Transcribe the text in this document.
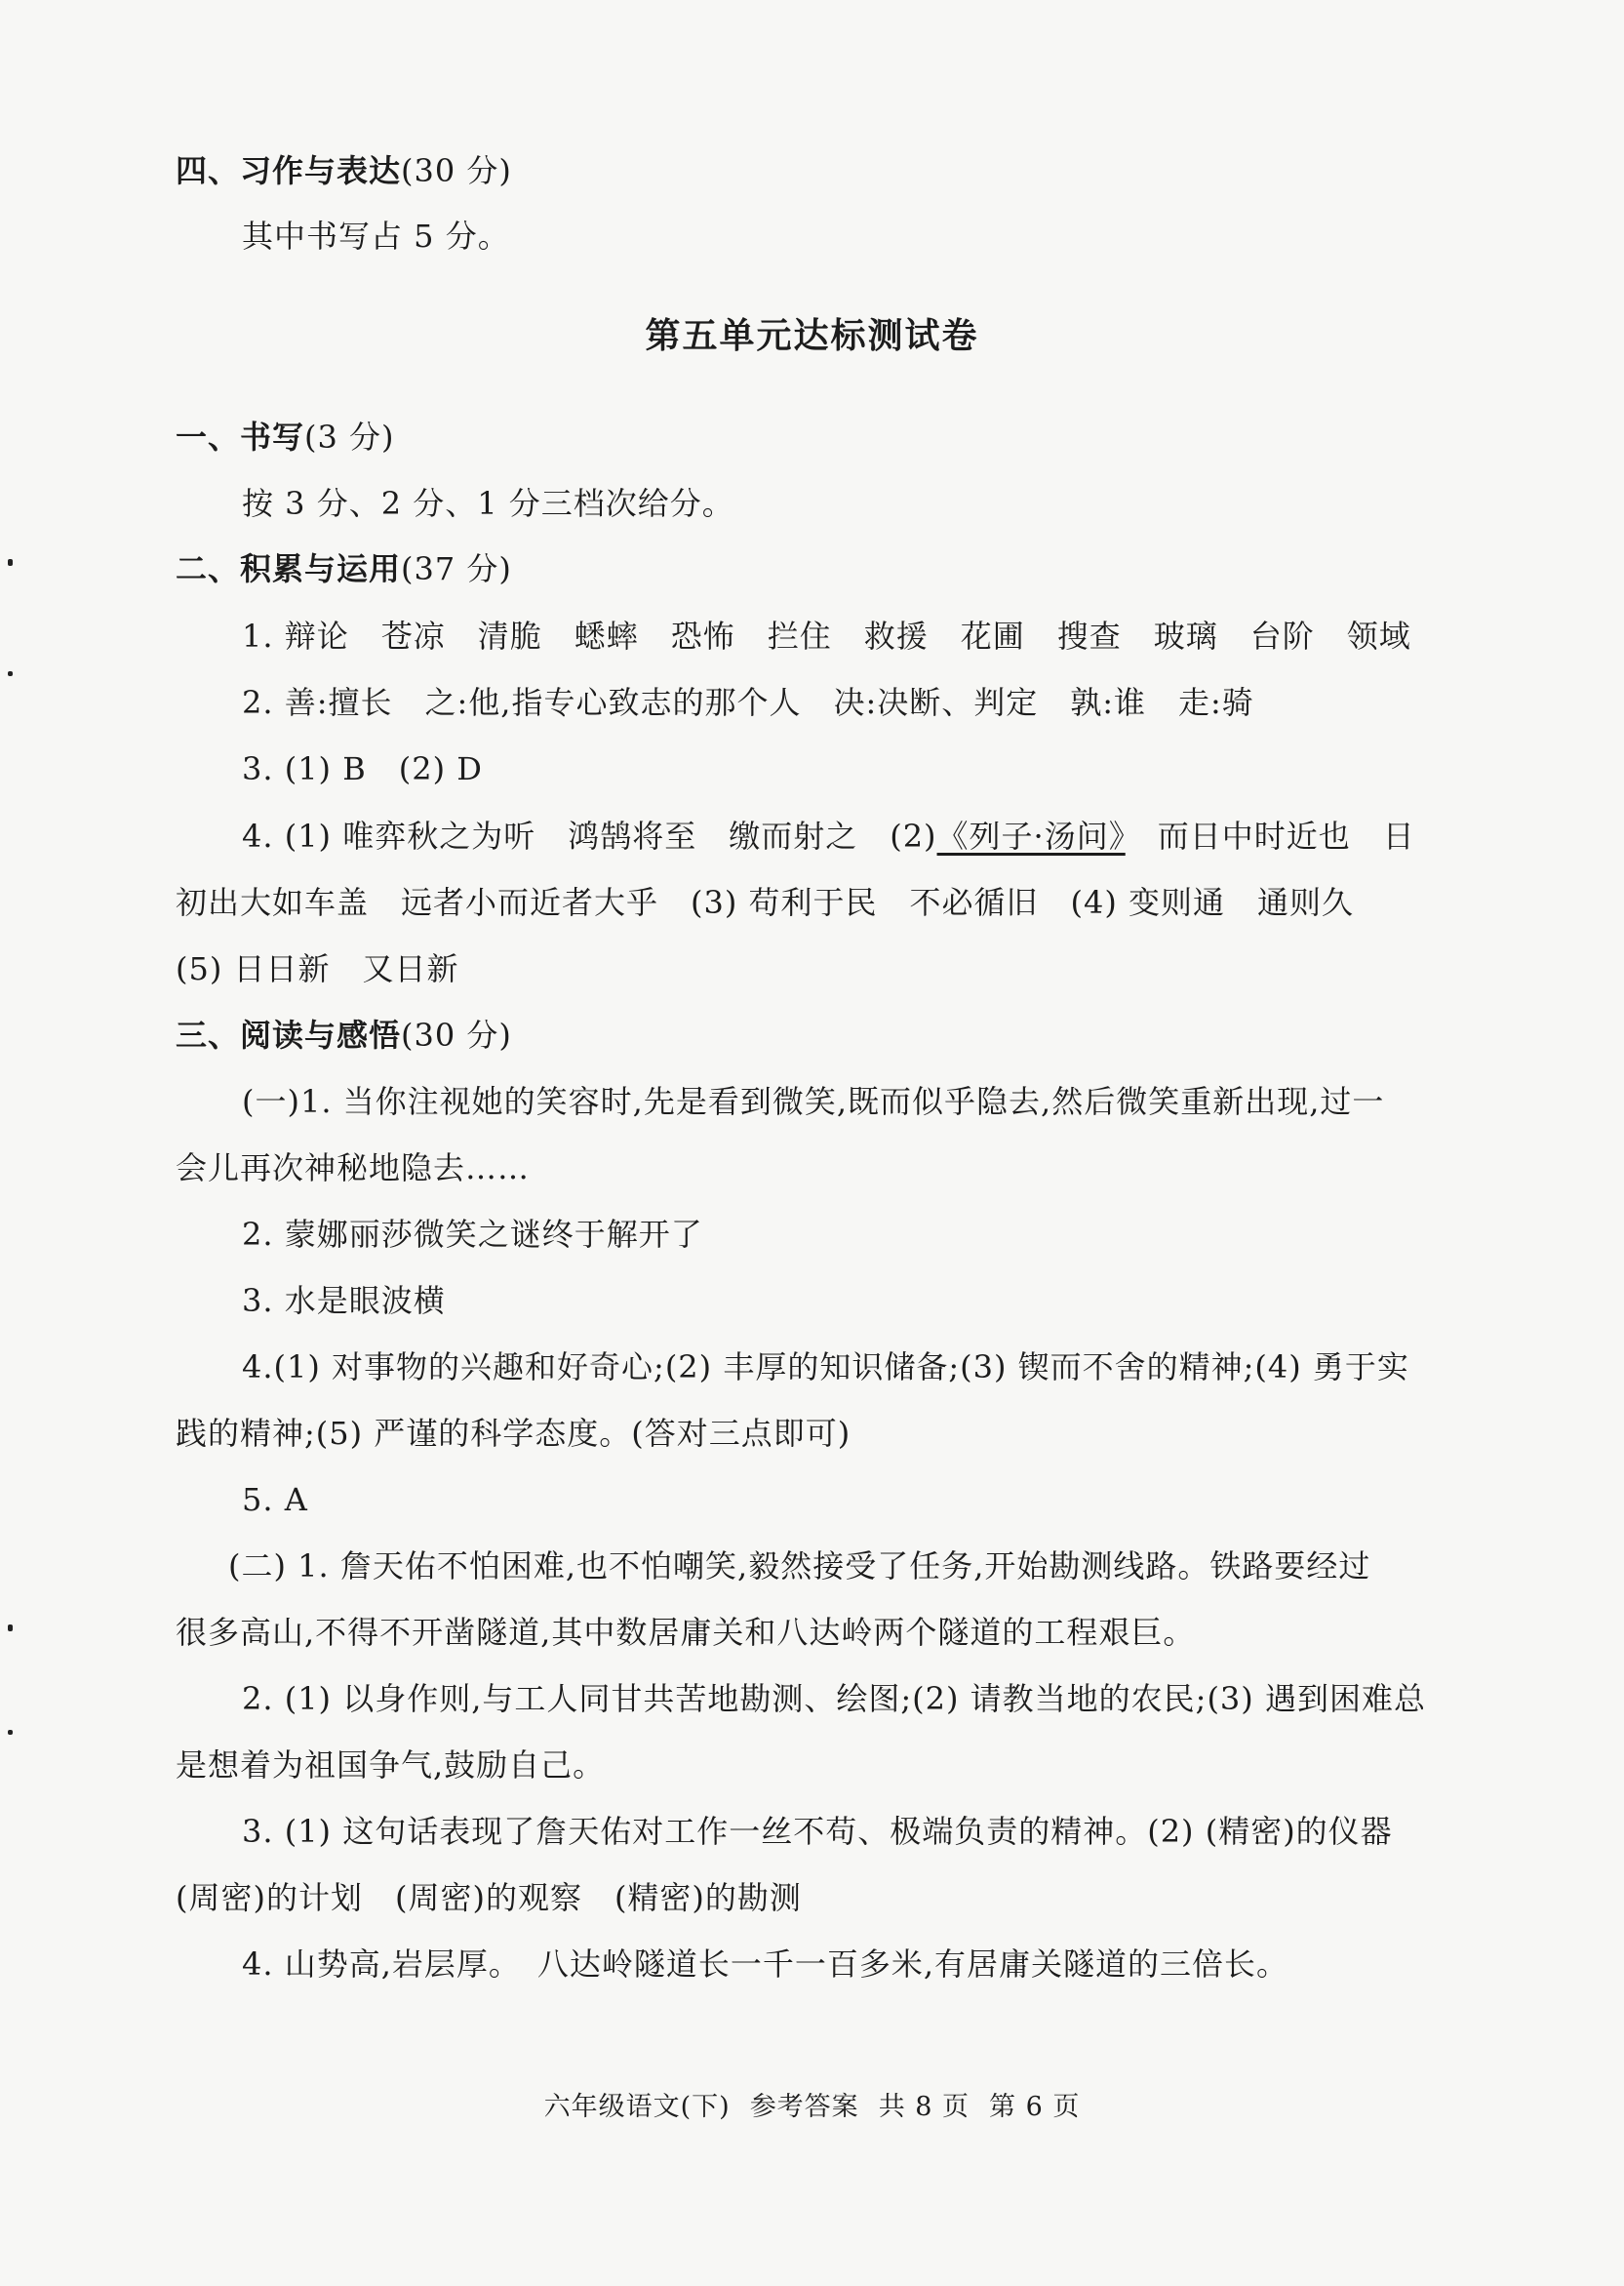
四、习作与表达(30 分)
其中书写占 5 分。
第五单元达标测试卷
一、书写(3 分)
按 3 分、2 分、1 分三档次给分。
二、积累与运用(37 分)
1. 辩论　苍凉　清脆　蟋蟀　恐怖　拦住　救援　花圃　搜查　玻璃　台阶　领域
2. 善:擅长　之:他,指专心致志的那个人　决:决断、判定　孰:谁　走:骑
3. (1) B　(2) D
4. (1) 唯弈秋之为听　鸿鹄将至　缴而射之　(2)《列子·汤问》　而日中时近也　日
初出大如车盖　远者小而近者大乎　(3) 苟利于民　不必循旧　(4) 变则通　通则久
(5) 日日新　又日新
三、阅读与感悟(30 分)
(一)1. 当你注视她的笑容时,先是看到微笑,既而似乎隐去,然后微笑重新出现,过一
会儿再次神秘地隐去……
2. 蒙娜丽莎微笑之谜终于解开了
3. 水是眼波横
4.(1) 对事物的兴趣和好奇心;(2) 丰厚的知识储备;(3) 锲而不舍的精神;(4) 勇于实
践的精神;(5) 严谨的科学态度。(答对三点即可)
5. A
(二) 1. 詹天佑不怕困难,也不怕嘲笑,毅然接受了任务,开始勘测线路。铁路要经过
很多高山,不得不开凿隧道,其中数居庸关和八达岭两个隧道的工程艰巨。
2. (1) 以身作则,与工人同甘共苦地勘测、绘图;(2) 请教当地的农民;(3) 遇到困难总
是想着为祖国争气,鼓励自己。
3. (1) 这句话表现了詹天佑对工作一丝不苟、极端负责的精神。(2) (精密)的仪器
(周密)的计划　(周密)的观察　(精密)的勘测
4. 山势高,岩层厚。　八达岭隧道长一千一百多米,有居庸关隧道的三倍长。
六年级语文(下) 参考答案 共 8 页 第 6 页
